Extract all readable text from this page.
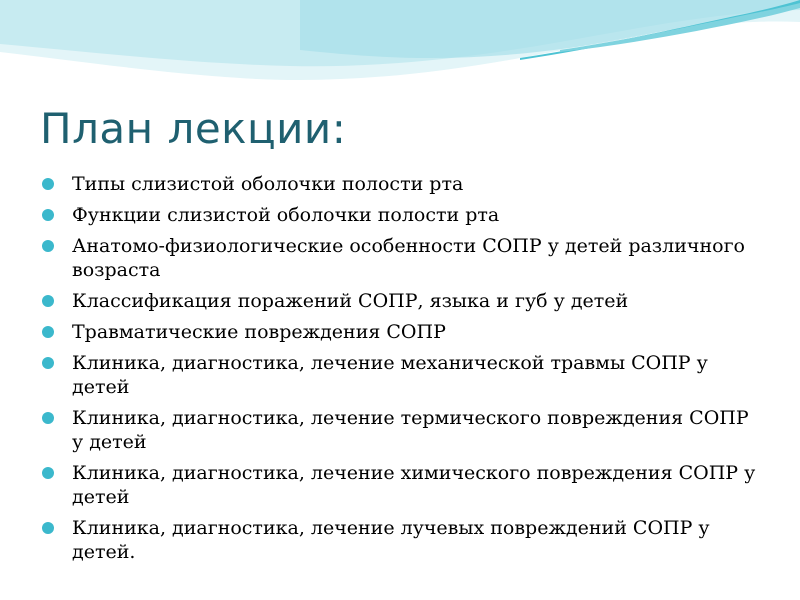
План лекции:
Типы слизистой оболочки полости рта
Функции слизистой оболочки полости рта
Анатомо-физиологические особенности СОПР у детей различного возраста
Классификация поражений СОПР, языка и губ у детей
Травматические повреждения СОПР
Клиника, диагностика, лечение механической травмы СОПР у детей
Клиника, диагностика, лечение термического повреждения СОПР у детей
Клиника, диагностика, лечение химического повреждения СОПР у детей
Клиника, диагностика, лечение лучевых повреждений СОПР у детей.
